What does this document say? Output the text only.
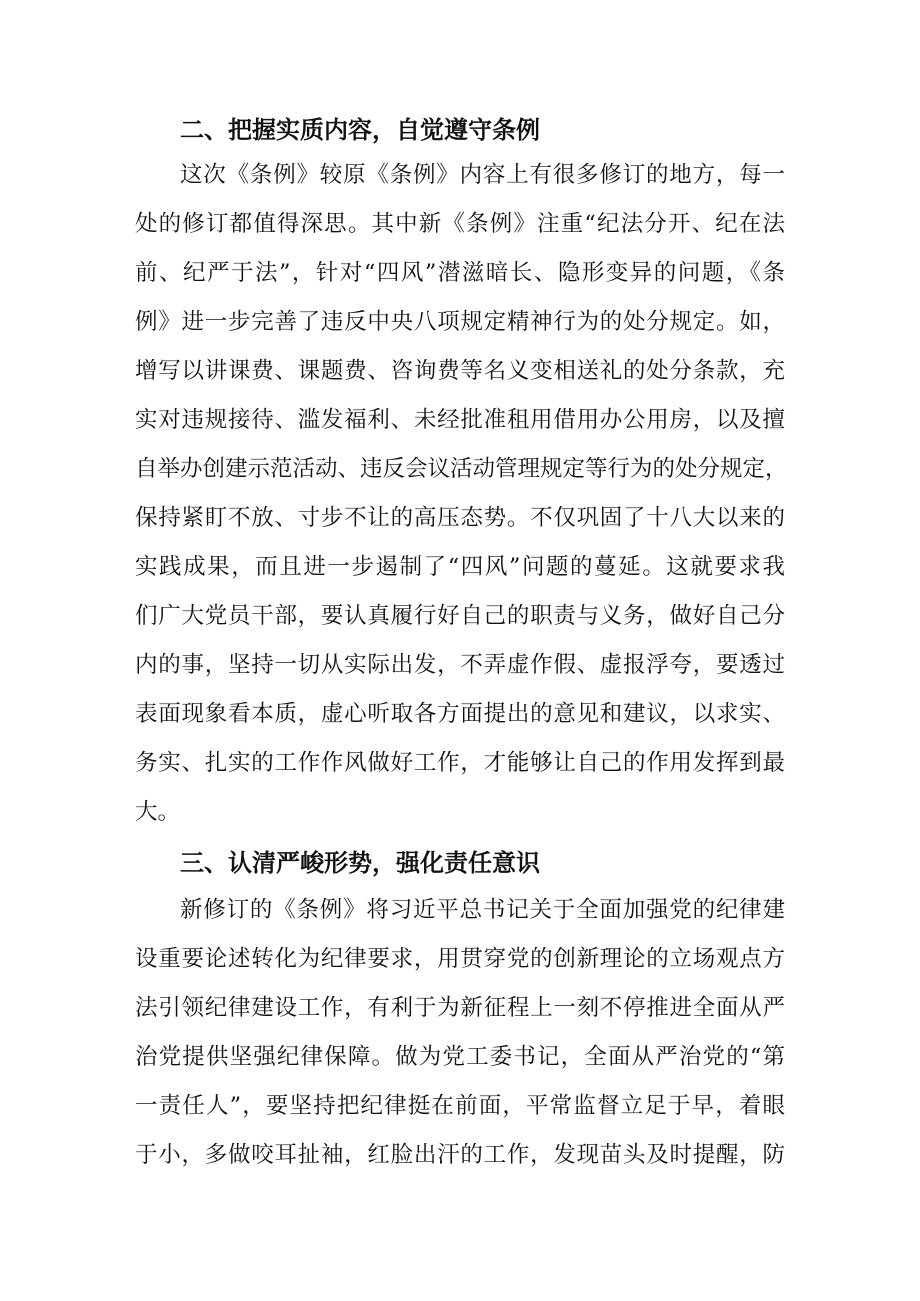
二、把握实质内容，自觉遵守条例

这次《条例》较原《条例》内容上有很多修订的地方，每一

处的修订都值得深思。其中新《条例》注重“纪法分开、纪在法

前、纪严于法”，针对“四风”潜滋暗长、隐形变异的问题，《条

例》进一步完善了违反中央八项规定精神行为的处分规定。如，

增写以讲课费、课题费、咨询费等名义变相送礼的处分条款，充

实对违规接待、滥发福利、未经批准租用借用办公用房，以及擅

自举办创建示范活动、违反会议活动管理规定等行为的处分规定，

保持紧盯不放、寸步不让的高压态势。不仅巩固了十八大以来的

实践成果，而且进一步遏制了“四风”问题的蔓延。这就要求我

们广大党员干部，要认真履行好自己的职责与义务，做好自己分

内的事，坚持一切从实际出发，不弄虚作假、虚报浮夸，要透过

表面现象看本质，虚心听取各方面提出的意见和建议，以求实、

务实、扎实的工作作风做好工作，才能够让自己的作用发挥到最

大。

三、认清严峻形势，强化责任意识

新修订的《条例》将习近平总书记关于全面加强党的纪律建

设重要论述转化为纪律要求，用贯穿党的创新理论的立场观点方

法引领纪律建设工作，有利于为新征程上一刻不停推进全面从严

治党提供坚强纪律保障。做为党工委书记，全面从严治党的“第

一责任人”，要坚持把纪律挺在前面，平常监督立足于早，着眼

于小，多做咬耳扯袖，红脸出汗的工作，发现苗头及时提醒，防
